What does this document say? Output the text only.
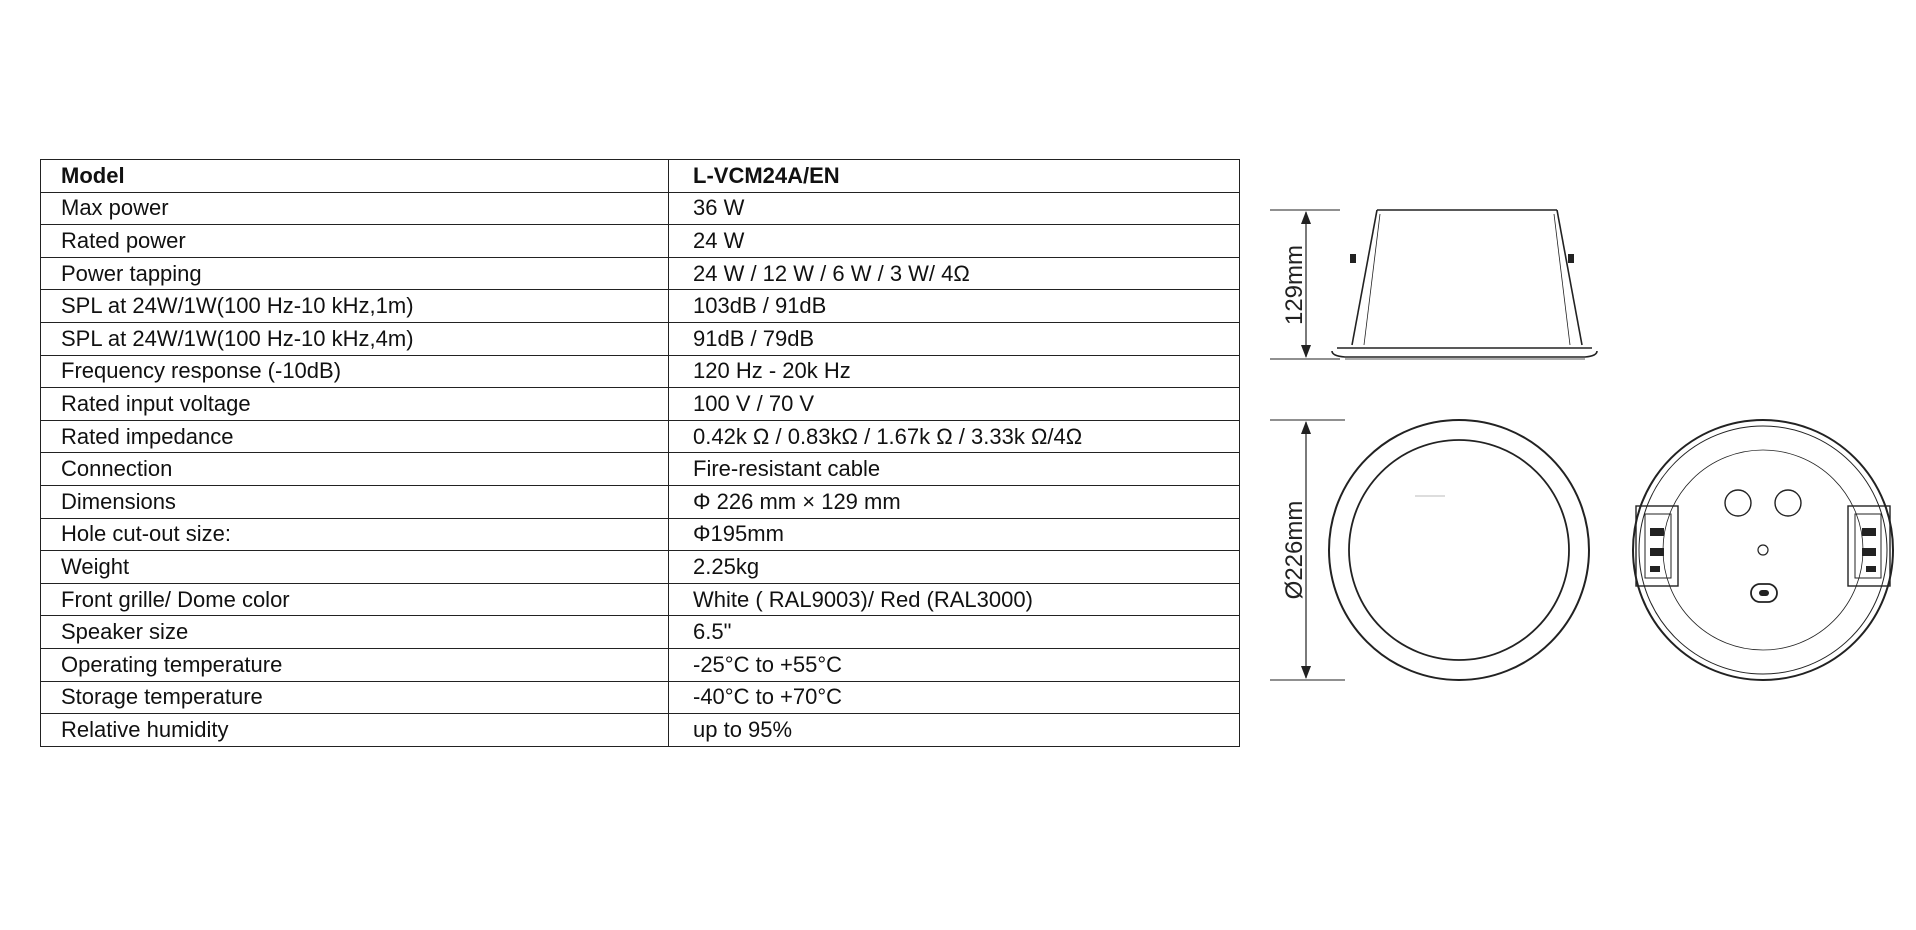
Model	L-VCM24A/EN
Max power	36 W
Rated power	24 W
Power tapping	24 W / 12 W / 6 W / 3 W/ 4Ω
SPL at 24W/1W(100 Hz-10 kHz,1m)	103dB / 91dB
SPL at 24W/1W(100 Hz-10 kHz,4m)	91dB / 79dB
Frequency response (-10dB)	120 Hz - 20k Hz
Rated input voltage	100 V / 70 V
Rated impedance	0.42k Ω / 0.83kΩ / 1.67k Ω / 3.33k Ω/4Ω
Connection	Fire-resistant cable
Dimensions	Φ 226 mm × 129 mm
Hole cut-out size:	Φ195mm
Weight	2.25kg
Front grille/ Dome color	White ( RAL9003)/ Red (RAL3000)
Speaker size	6.5"
Operating temperature	-25°C to +55°C
Storage temperature	-40°C to +70°C
Relative humidity	up to 95%
129mm
Ø226mm
